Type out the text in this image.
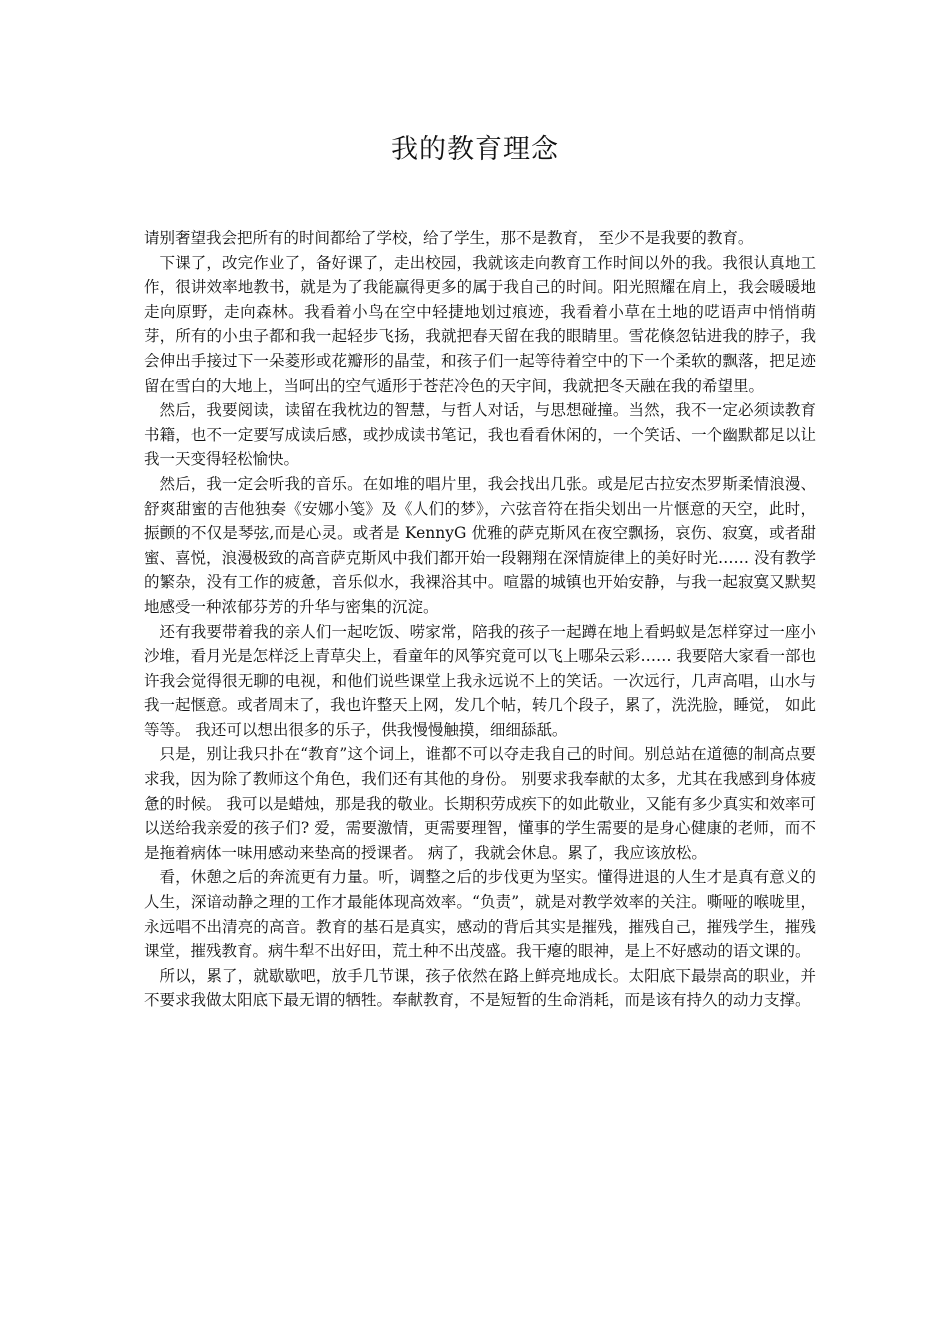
我的教育理念

请别奢望我会把所有的时间都给了学校，给了学生，那不是教育， 至少不是我要的教育。

下课了，改完作业了，备好课了，走出校园，我就该走向教育工作时间以外的我。我很认真地工作，很讲效率地教书，就是为了我能赢得更多的属于我自己的时间。阳光照耀在肩上，我会暖暖地走向原野，走向森林。我看着小鸟在空中轻捷地划过痕迹，我看着小草在土地的呓语声中悄悄萌芽，所有的小虫子都和我一起轻步飞扬，我就把春天留在我的眼睛里。雪花倏忽钻进我的脖子，我会伸出手接过下一朵菱形或花瓣形的晶莹，和孩子们一起等待着空中的下一个柔软的飘落，把足迹留在雪白的大地上，当呵出的空气遁形于苍茫冷色的天宇间，我就把冬天融在我的希望里。

然后，我要阅读，读留在我枕边的智慧，与哲人对话，与思想碰撞。当然，我不一定必须读教育书籍，也不一定要写成读后感，或抄成读书笔记，我也看看休闲的，一个笑话、一个幽默都足以让我一天变得轻松愉快。

然后，我一定会听我的音乐。在如堆的唱片里，我会找出几张。或是尼古拉安杰罗斯柔情浪漫、舒爽甜蜜的吉他独奏《安娜小笺》及《人们的梦》，六弦音符在指尖划出一片惬意的天空，此时，振颤的不仅是琴弦,而是心灵。或者是 KennyG 优雅的萨克斯风在夜空飘扬，哀伤、寂寞，或者甜蜜、喜悦，浪漫极致的高音萨克斯风中我们都开始一段翱翔在深情旋律上的美好时光…… 没有教学的繁杂，没有工作的疲惫，音乐似水，我裸浴其中。喧嚣的城镇也开始安静，与我一起寂寞又默契地感受一种浓郁芬芳的升华与密集的沉淀。

还有我要带着我的亲人们一起吃饭、唠家常，陪我的孩子一起蹲在地上看蚂蚁是怎样穿过一座小沙堆，看月光是怎样泛上青草尖上，看童年的风筝究竟可以飞上哪朵云彩…… 我要陪大家看一部也许我会觉得很无聊的电视，和他们说些课堂上我永远说不上的笑话。一次远行，几声高唱，山水与我一起惬意。或者周末了，我也许整天上网，发几个帖，转几个段子，累了，洗洗脸，睡觉， 如此等等。 我还可以想出很多的乐子，供我慢慢触摸，细细舔舐。

只是，别让我只扑在“教育”这个词上，谁都不可以夺走我自己的时间。别总站在道德的制高点要求我，因为除了教师这个角色，我们还有其他的身份。 别要求我奉献的太多，尤其在我感到身体疲惫的时候。 我可以是蜡烛，那是我的敬业。长期积劳成疾下的如此敬业，又能有多少真实和效率可以送给我亲爱的孩子们? 爱，需要激情，更需要理智，懂事的学生需要的是身心健康的老师，而不是拖着病体一味用感动来垫高的授课者。 病了，我就会休息。累了，我应该放松。

看，休憩之后的奔流更有力量。听，调整之后的步伐更为坚实。懂得进退的人生才是真有意义的人生，深谙动静之理的工作才最能体现高效率。“负责”，就是对教学效率的关注。嘶哑的喉咙里，永远唱不出清亮的高音。教育的基石是真实，感动的背后其实是摧残，摧残自己，摧残学生，摧残课堂，摧残教育。病牛犁不出好田，荒土种不出茂盛。我干瘪的眼神，是上不好感动的语文课的。

所以，累了，就歇歇吧，放手几节课，孩子依然在路上鲜亮地成长。太阳底下最崇高的职业，并不要求我做太阳底下最无谓的牺牲。奉献教育，不是短暂的生命消耗，而是该有持久的动力支撑。
